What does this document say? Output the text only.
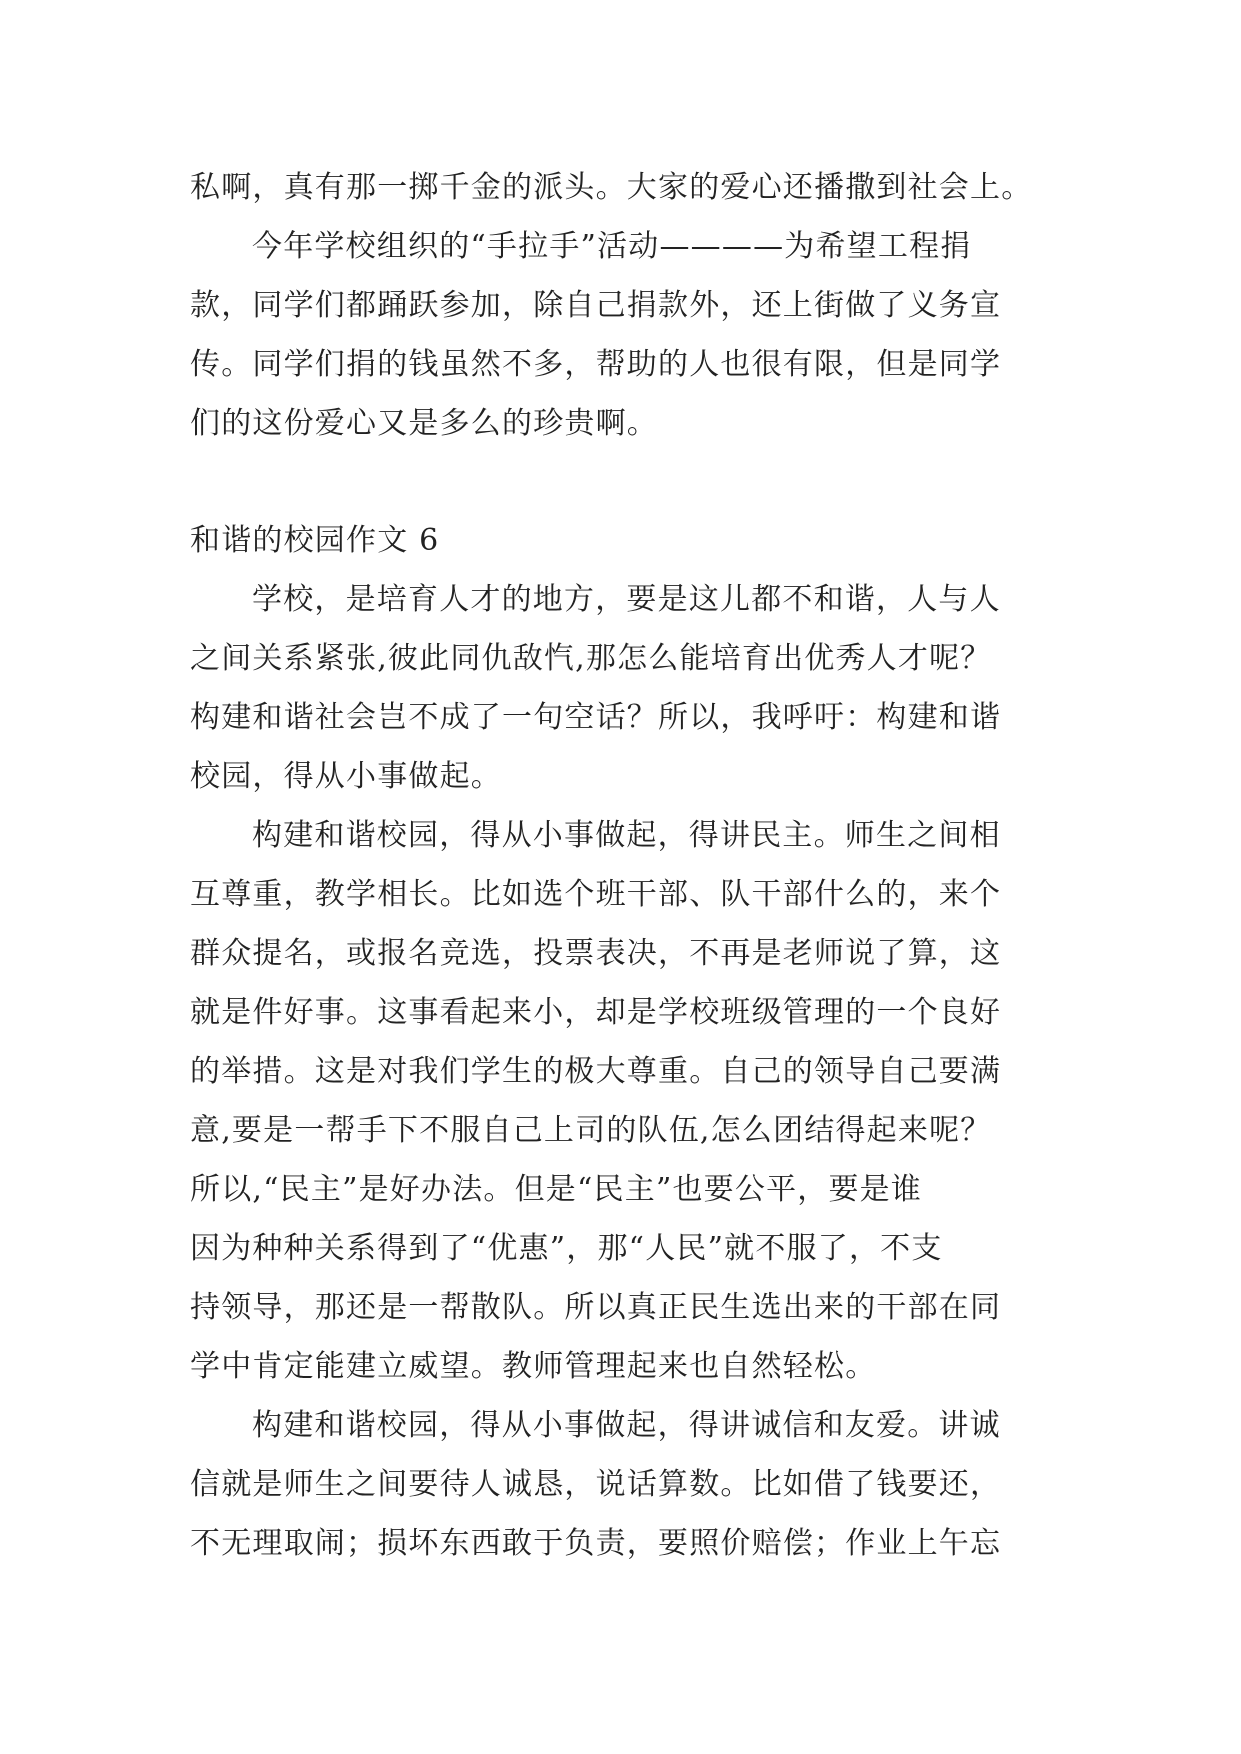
私啊，真有那一掷千金的派头。大家的爱心还播撒到社会上。
今年学校组织的“手拉手”活动————为希望工程捐
款，同学们都踊跃参加，除自己捐款外，还上街做了义务宣
传。同学们捐的钱虽然不多，帮助的人也很有限，但是同学
们的这份爱心又是多么的珍贵啊。
和谐的校园作文 6
学校，是培育人才的地方，要是这儿都不和谐，人与人
之间关系紧张,彼此同仇敌忾,那怎么能培育出优秀人才呢？
构建和谐社会岂不成了一句空话？所以，我呼吁：构建和谐
校园，得从小事做起。
构建和谐校园，得从小事做起，得讲民主。师生之间相
互尊重，教学相长。比如选个班干部、队干部什么的，来个
群众提名，或报名竞选，投票表决，不再是老师说了算，这
就是件好事。这事看起来小，却是学校班级管理的一个良好
的举措。这是对我们学生的极大尊重。自己的领导自己要满
意,要是一帮手下不服自己上司的队伍,怎么团结得起来呢？
所以,“民主”是好办法。但是“民主”也要公平，要是谁
因为种种关系得到了“优惠”，那“人民”就不服了，不支
持领导，那还是一帮散队。所以真正民生选出来的干部在同
学中肯定能建立威望。教师管理起来也自然轻松。
构建和谐校园，得从小事做起，得讲诚信和友爱。讲诚
信就是师生之间要待人诚恳，说话算数。比如借了钱要还，
不无理取闹；损坏东西敢于负责，要照价赔偿；作业上午忘
